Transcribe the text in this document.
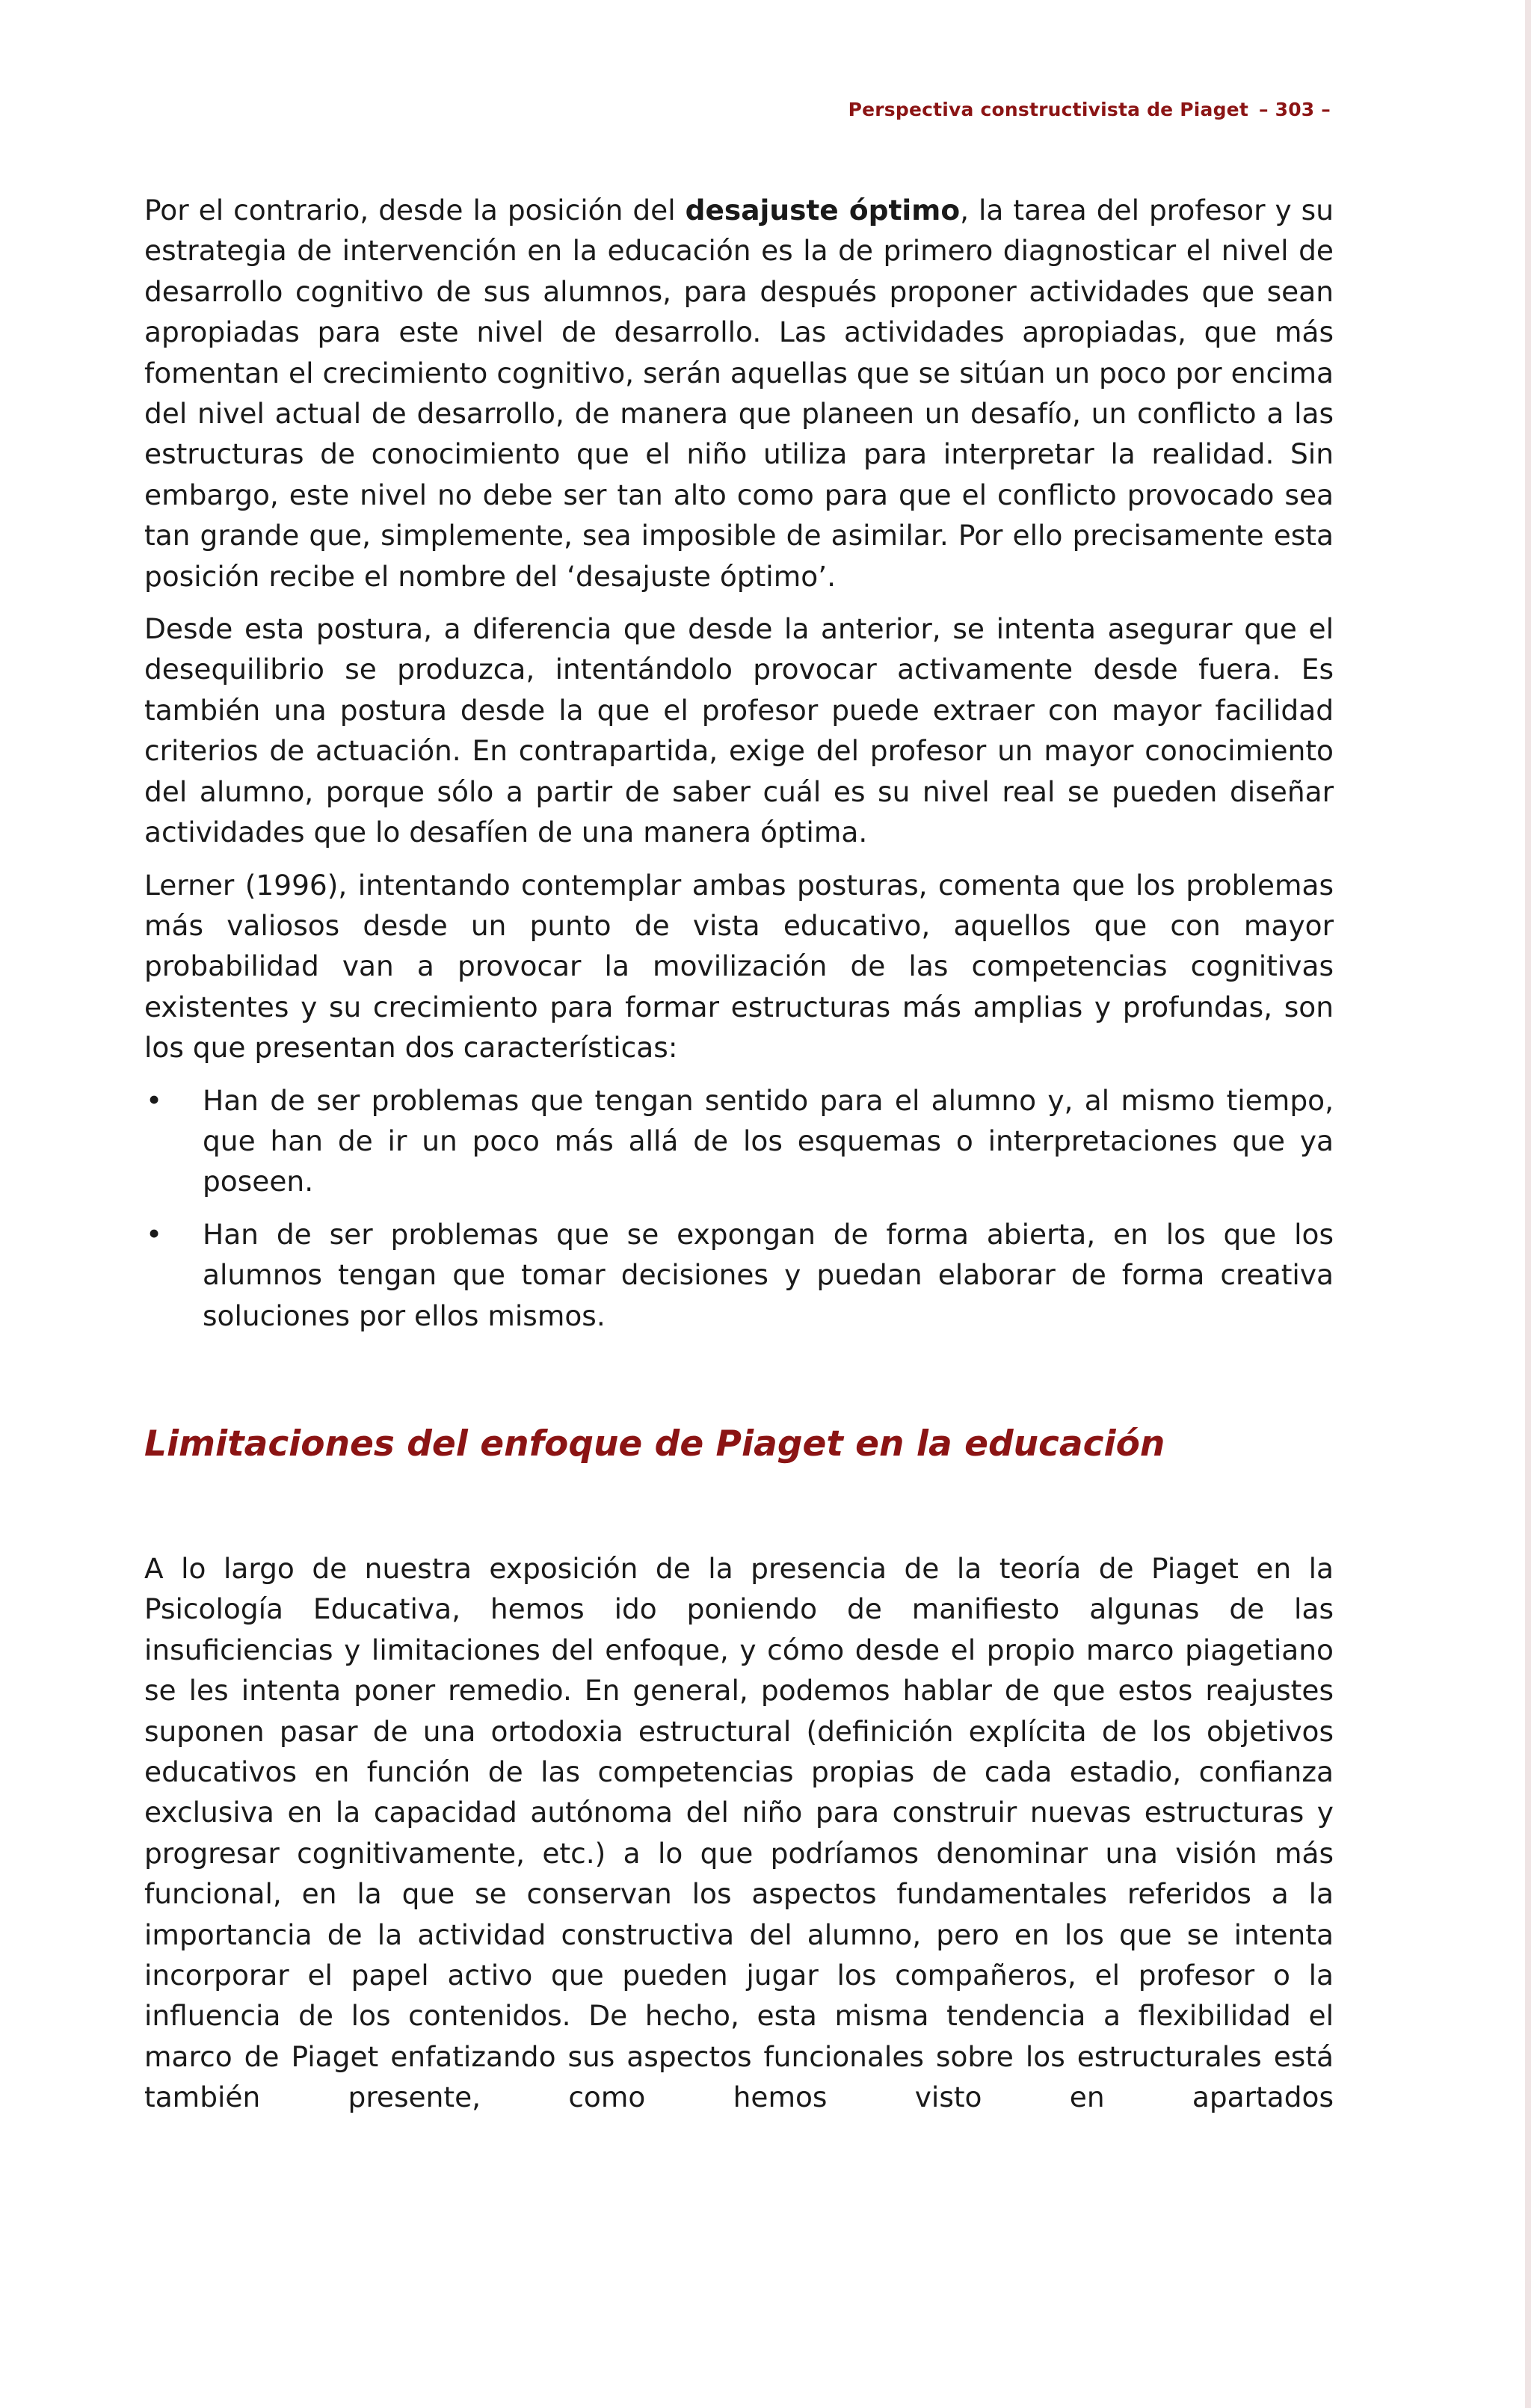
Perspectiva constructivista de Piaget – 303 –

Por el contrario, desde la posición del desajuste óptimo, la tarea del profesor y su estrategia de intervención en la educación es la de primero diagnosticar el nivel de desarrollo cognitivo de sus alumnos, para después proponer actividades que sean apropiadas para este nivel de desarrollo. Las actividades apropiadas, que más fomentan el crecimiento cognitivo, serán aquellas que se sitúan un poco por encima del nivel actual de desarrollo, de manera que planeen un desafío, un conflicto a las estructuras de conocimiento que el niño utiliza para interpretar la realidad. Sin embargo, este nivel no debe ser tan alto como para que el conflicto provocado sea tan grande que, simplemente, sea imposible de asimilar. Por ello precisamente esta posición recibe el nombre del ‘desajuste óptimo’.

Desde esta postura, a diferencia que desde la anterior, se intenta asegurar que el desequilibrio se produzca, intentándolo provocar activamente desde fuera. Es también una postura desde la que el profesor puede extraer con mayor facilidad criterios de actuación. En contrapartida, exige del profesor un mayor conocimiento del alumno, porque sólo a partir de saber cuál es su nivel real se pueden diseñar actividades que lo desafíen de una manera óptima.

Lerner (1996), intentando contemplar ambas posturas, comenta que los problemas más valiosos desde un punto de vista educativo, aquellos que con mayor probabilidad van a provocar la movilización de las competencias cognitivas existentes y su crecimiento para formar estructuras más amplias y profundas, son los que presentan dos características:

• Han de ser problemas que tengan sentido para el alumno y, al mismo tiempo, que han de ir un poco más allá de los esquemas o interpretaciones que ya poseen.
• Han de ser problemas que se expongan de forma abierta, en los que los alumnos tengan que tomar decisiones y puedan elaborar de forma creativa soluciones por ellos mismos.
Limitaciones del enfoque de Piaget en la educación

A lo largo de nuestra exposición de la presencia de la teoría de Piaget en la Psicología Educativa, hemos ido poniendo de manifiesto algunas de las insuficiencias y limitaciones del enfoque, y cómo desde el propio marco piagetiano se les intenta poner remedio. En general, podemos hablar de que estos reajustes suponen pasar de una ortodoxia estructural (definición explícita de los objetivos educativos en función de las competencias propias de cada estadio, confianza exclusiva en la capacidad autónoma del niño para construir nuevas estructuras y progresar cognitivamente, etc.) a lo que podríamos denominar una visión más funcional, en la que se conservan los aspectos fundamentales referidos a la importancia de la actividad constructiva del alumno, pero en los que se intenta incorporar el papel activo que pueden jugar los compañeros, el profesor o la influencia de los contenidos. De hecho, esta misma tendencia a flexibilidad el marco de Piaget enfatizando sus aspectos funcionales sobre los estructurales está también presente, como hemos visto en apartados
